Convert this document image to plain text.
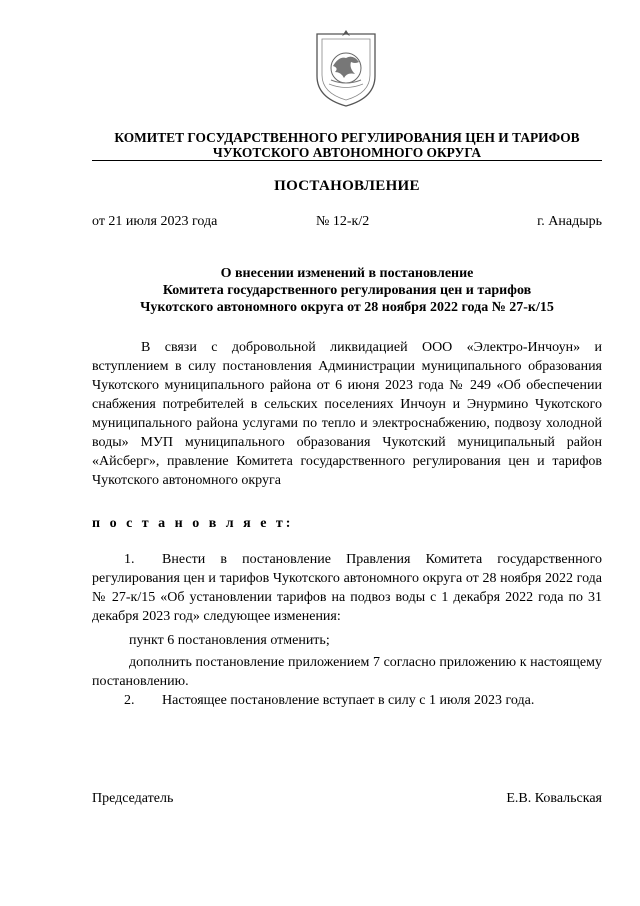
КОМИТЕТ ГОСУДАРСТВЕННОГО РЕГУЛИРОВАНИЯ ЦЕН И ТАРИФОВ
ЧУКОТСКОГО АВТОНОМНОГО ОКРУГА
ПОСТАНОВЛЕНИЕ
от 21 июля 2023 года	№ 12-к/2	г. Анадырь
О внесении изменений в постановление
Комитета государственного регулирования цен и тарифов
Чукотского автономного округа от 28 ноября 2022 года № 27-к/15
В связи с добровольной ликвидацией ООО «Электро-Инчоун» и вступлением в силу постановления Администрации муниципального образования Чукотского муниципального района от 6 июня 2023 года № 249 «Об обеспечении снабжения потребителей в сельских поселениях Инчоун и Энурмино Чукотского муниципального района услугами по тепло и электроснабжению, подвозу холодной воды» МУП муниципального образования Чукотский муниципальный район «Айсберг», правление Комитета государственного регулирования цен и тарифов Чукотского автономного округа
п о с т а н о в л я е т:
1. Внести в постановление Правления Комитета государственного регулирования цен и тарифов Чукотского автономного округа от 28 ноября 2022 года № 27-к/15 «Об установлении тарифов на подвоз воды с 1 декабря 2022 года по 31 декабря 2023 год» следующее изменения:
пункт 6 постановления отменить;
дополнить постановление приложением 7 согласно приложению к настоящему постановлению.
2. Настоящее постановление вступает в силу с 1 июля 2023 года.
Председатель	Е.В. Ковальская
